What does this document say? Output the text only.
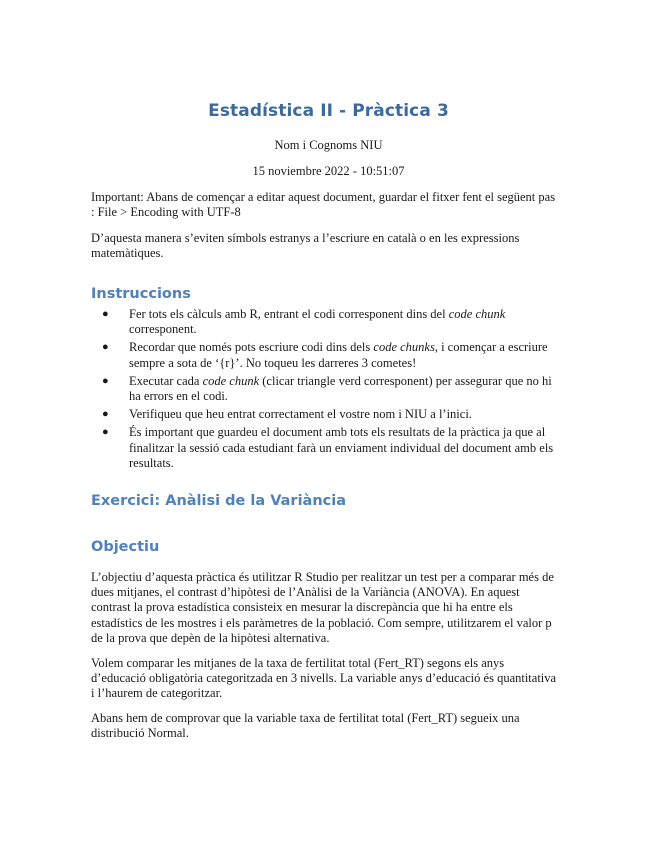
Estadística II - Pràctica 3
Nom i Cognoms NIU
15 noviembre 2022 - 10:51:07

Important: Abans de començar a editar aquest document, guardar el fitxer fent el següent pas : File > Encoding with UTF-8

D’aquesta manera s’eviten símbols estranys a l’escriure en català o en les expressions matemàtiques.

Instruccions
● Fer tots els càlculs amb R, entrant el codi corresponent dins del code chunk corresponent.
● Recordar que només pots escriure codi dins dels code chunks, i començar a escriure sempre a sota de ‘{r}’. No toqueu les darreres 3 cometes!
● Executar cada code chunk (clicar triangle verd corresponent) per assegurar que no hi ha errors en el codi.
● Verifiqueu que heu entrat correctament el vostre nom i NIU a l’inici.
● És important que guardeu el document amb tots els resultats de la pràctica ja que al finalitzar la sessió cada estudiant farà un enviament individual del document amb els resultats.
Exercici: Anàlisi de la Variància
Objectiu

L’objectiu d’aquesta pràctica és utilitzar R Studio per realitzar un test per a comparar més de dues mitjanes, el contrast d’hipòtesi de l’Anàlisi de la Variància (ANOVA). En aquest contrast la prova estadística consisteix en mesurar la discrepància que hi ha entre els estadístics de les mostres i els paràmetres de la població. Com sempre, utilitzarem el valor p de la prova que depèn de la hipòtesi alternativa.

Volem comparar les mitjanes de la taxa de fertilitat total (Fert_RT) segons els anys d’educació obligatòria categoritzada en 3 nivells. La variable anys d’educació és quantitativa i l’haurem de categoritzar.

Abans hem de comprovar que la variable taxa de fertilitat total (Fert_RT) segueix una distribució Normal.
